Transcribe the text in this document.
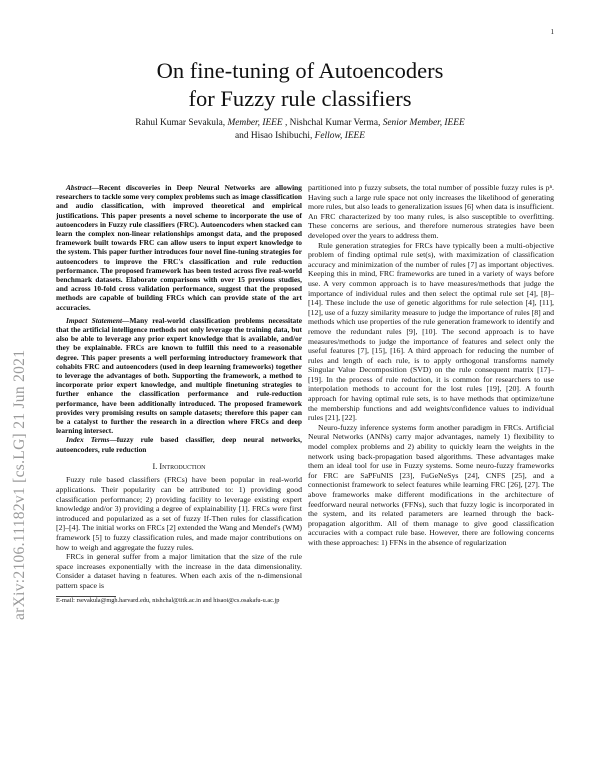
1
arXiv:2106.11182v1 [cs.LG] 21 Jun 2021
On fine-tuning of Autoencoders
for Fuzzy rule classifiers
Rahul Kumar Sevakula, Member, IEEE , Nishchal Kumar Verma, Senior Member, IEEE
and Hisao Ishibuchi, Fellow, IEEE

Abstract—Recent discoveries in Deep Neural Networks are allowing researchers to tackle some very complex problems such as image classification and audio classification, with improved theoretical and empirical justifications. This paper presents a novel scheme to incorporate the use of autoencoders in Fuzzy rule classifiers (FRC). Autoencoders when stacked can learn the complex non-linear relationships amongst data, and the proposed framework built towards FRC can allow users to input expert knowledge to the system. This paper further introduces four novel fine-tuning strategies for autoencoders to improve the FRC's classification and rule reduction performance. The proposed framework has been tested across five real-world benchmark datasets. Elaborate comparisons with over 15 previous studies, and across 10-fold cross validation performance, suggest that the proposed methods are capable of building FRCs which can provide state of the art accuracies.

Impact Statement—Many real-world classification problems necessitate that the artificial intelligence methods not only leverage the training data, but also be able to leverage any prior expert knowledge that is available, and/or they be explainable. FRCs are known to fulfill this need to a reasonable degree. This paper presents a well performing introductory framework that cohabits FRC and autoencoders (used in deep learning frameworks) together to leverage the advantages of both. Supporting the framework, a method to incorporate prior expert knowledge, and multiple finetuning strategies to further enhance the classification performance and rule-reduction performance, have been additionally introduced. The proposed framework provides very promising results on sample datasets; therefore this paper can be a catalyst to further the research in a direction where FRCs and deep learning intersect.

Index Terms—fuzzy rule based classifier, deep neural networks, autoencoders, rule reduction

I. Introduction

Fuzzy rule based classifiers (FRCs) have been popular in real-world applications. Their popularity can be attributed to: 1) providing good classification performance; 2) providing facility to leverage existing expert knowledge and/or 3) providing a degree of explainability [1]. FRCs were first introduced and popularized as a set of fuzzy If-Then rules for classification [2]–[4]. The initial works on FRCs [2] extended the Wang and Mendel's (WM) framework [5] to fuzzy classification rules, and made major contributions on how to weigh and aggregate the fuzzy rules.

FRCs in general suffer from a major limitation that the size of the rule space increases exponentially with the increase in the data dimensionality. Consider a dataset having n features. When each axis of the n-dimensional pattern space is

E-mail: rsevakula@mgh.harvard.edu, nishchal@iitk.ac.in and hisaoi@cs.osakafu-u.ac.jp

partitioned into p fuzzy subsets, the total number of possible fuzzy rules is pⁿ. Having such a large rule space not only increases the likelihood of generating more rules, but also leads to generalization issues [6] when data is insufficient. An FRC characterized by too many rules, is also susceptible to overfitting. These concerns are serious, and therefore numerous strategies have been developed over the years to address them.

Rule generation strategies for FRCs have typically been a multi-objective problem of finding optimal rule set(s), with maximization of classification accuracy and minimization of the number of rules [7] as important objectives. Keeping this in mind, FRC frameworks are tuned in a variety of ways before use. A very common approach is to have measures/methods that judge the importance of individual rules and then select the optimal rule set [4], [8]–[14]. These include the use of genetic algorithms for rule selection [4], [11], [12], use of a fuzzy similarity measure to judge the importance of rules [8] and methods which use properties of the rule generation framework to identify and remove the redundant rules [9], [10]. The second approach is to have measures/methods to judge the importance of features and select only the useful features [7], [15], [16]. A third approach for reducing the number of rules and length of each rule, is to apply orthogonal transforms namely Singular Value Decomposition (SVD) on the rule consequent matrix [17]–[19]. In the process of rule reduction, it is common for researchers to use interpolation methods to account for the lost rules [19], [20]. A fourth approach for having optimal rule sets, is to have methods that optimize/tune the membership functions and add weights/confidence values to individual rules [21], [22].

Neuro-fuzzy inference systems form another paradigm in FRCs. Artificial Neural Networks (ANNs) carry major advantages, namely 1) flexibility to model complex problems and 2) ability to quickly learn the weights in the network using back-propagation based algorithms. These advantages make them an ideal tool for use in Fuzzy systems. Some neuro-fuzzy frameworks for FRC are SaPFuNIS [23], FuGeNeSys [24], CNFS [25], and a connectionist framework to select features while learning FRC [26], [27]. The above frameworks make different modifications in the architecture of feedforward neural networks (FFNs), such that fuzzy logic is incorporated in the system, and its related parameters are learned through the back-propagation algorithm. All of them manage to give good classification accuracies with a compact rule base. However, there are following concerns with these approaches: 1) FFNs in the absence of regularization
